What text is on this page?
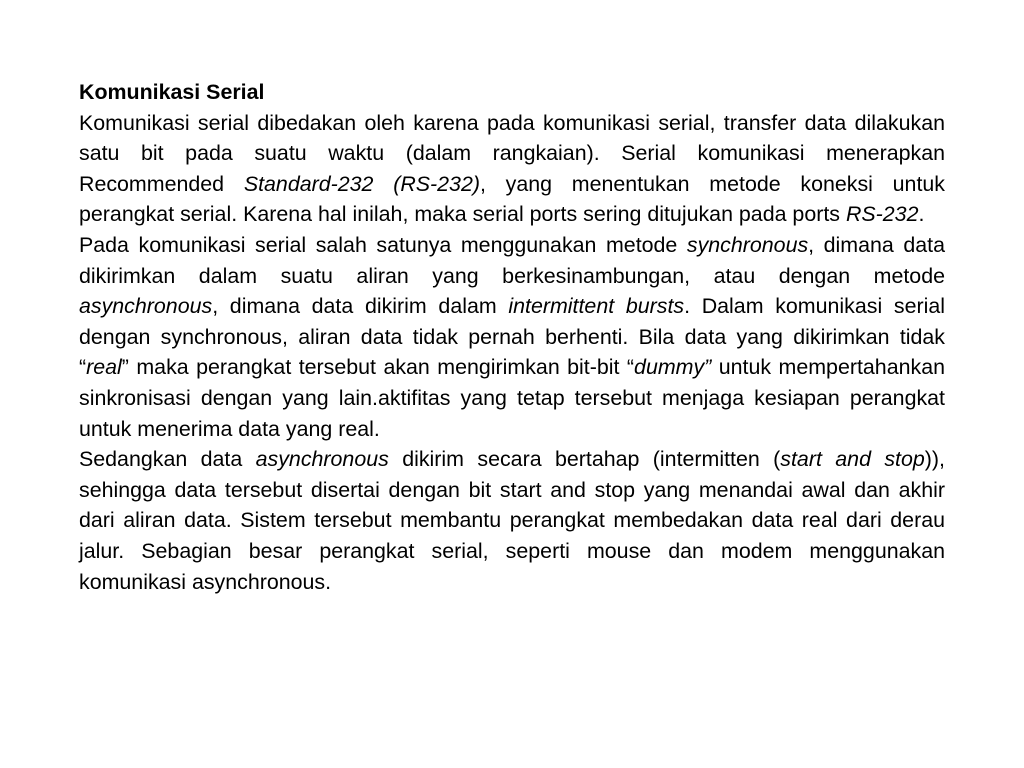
Komunikasi Serial

Komunikasi serial dibedakan oleh karena pada komunikasi serial, transfer data dilakukan satu bit pada suatu waktu (dalam rangkaian). Serial komunikasi menerapkan Recommended Standard-232 (RS-232), yang menentukan metode koneksi untuk perangkat serial. Karena hal inilah, maka serial ports sering ditujukan pada ports RS-232.

Pada komunikasi serial salah satunya menggunakan metode synchronous, dimana data dikirimkan dalam suatu aliran yang berkesinambungan, atau dengan metode asynchronous, dimana data dikirim dalam intermittent bursts. Dalam komunikasi serial dengan synchronous, aliran data tidak pernah berhenti. Bila data yang dikirimkan tidak “real” maka perangkat tersebut akan mengirimkan bit-bit “dummy” untuk mempertahankan sinkronisasi dengan yang lain.aktifitas yang tetap tersebut menjaga kesiapan perangkat untuk menerima data yang real.

Sedangkan data asynchronous dikirim secara bertahap (intermitten (start and stop)), sehingga data tersebut disertai dengan bit start and stop yang menandai awal dan akhir dari aliran data. Sistem tersebut membantu perangkat membedakan data real dari derau jalur. Sebagian besar perangkat serial, seperti mouse dan modem menggunakan komunikasi asynchronous.
